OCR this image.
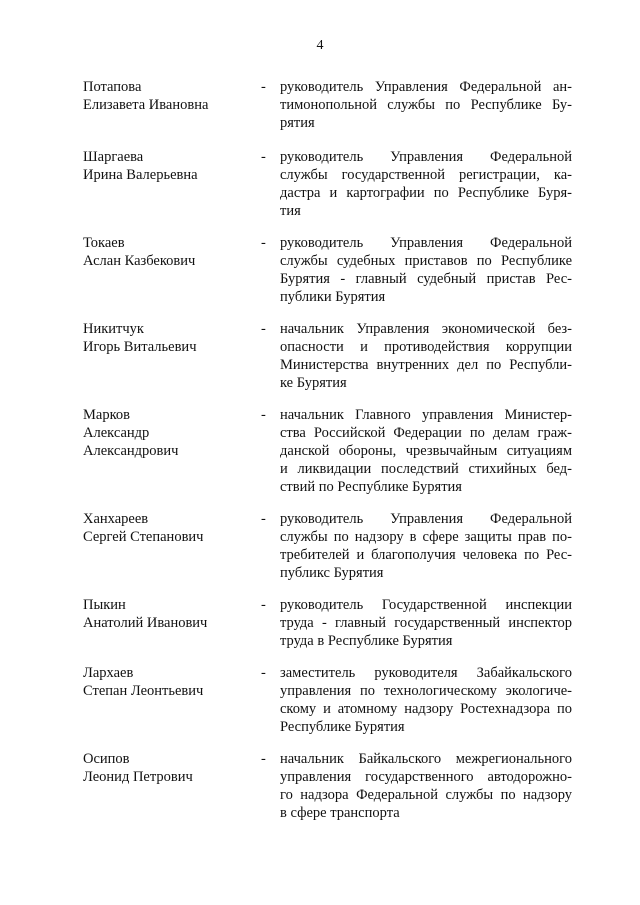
4
Потапова
Елизавета Ивановна
- руководитель Управления Федеральной ан-
тимонопольной службы по Республике Бу-
рятия
Шаргаева
Ирина Валерьевна
- руководитель Управления Федеральной
службы государственной регистрации, ка-
дастра и картографии по Республике Буря-
тия
Токаев
Аслан Казбекович
- руководитель Управления Федеральной
службы судебных приставов по Республике
Бурятия - главный судебный пристав Рес-
публики Бурятия
Никитчук
Игорь Витальевич
- начальник Управления экономической без-
опасности и противодействия коррупции
Министерства внутренних дел по Республи-
ке Бурятия
Марков
Александр
Александрович
- начальник Главного управления Министер-
ства Российской Федерации по делам граж-
данской обороны, чрезвычайным ситуациям
и ликвидации последствий стихийных бед-
ствий по Республике Бурятия
Ханхареев
Сергей Степанович
- руководитель Управления Федеральной
службы по надзору в сфере защиты прав по-
требителей и благополучия человека по Рес-
публикс Бурятия
Пыкин
Анатолий Иванович
- руководитель Государственной инспекции
труда - главный государственный инспектор
труда в Республике Бурятия
Лархаев
Степан Леонтьевич
- заместитель руководителя Забайкальского
управления по технологическому экологиче-
скому и атомному надзору Ростехнадзора по
Республике Бурятия
Осипов
Леонид Петрович
- начальник Байкальского межрегионального
управления государственного автодорожно-
го надзора Федеральной службы по надзору
в сфере транспорта
